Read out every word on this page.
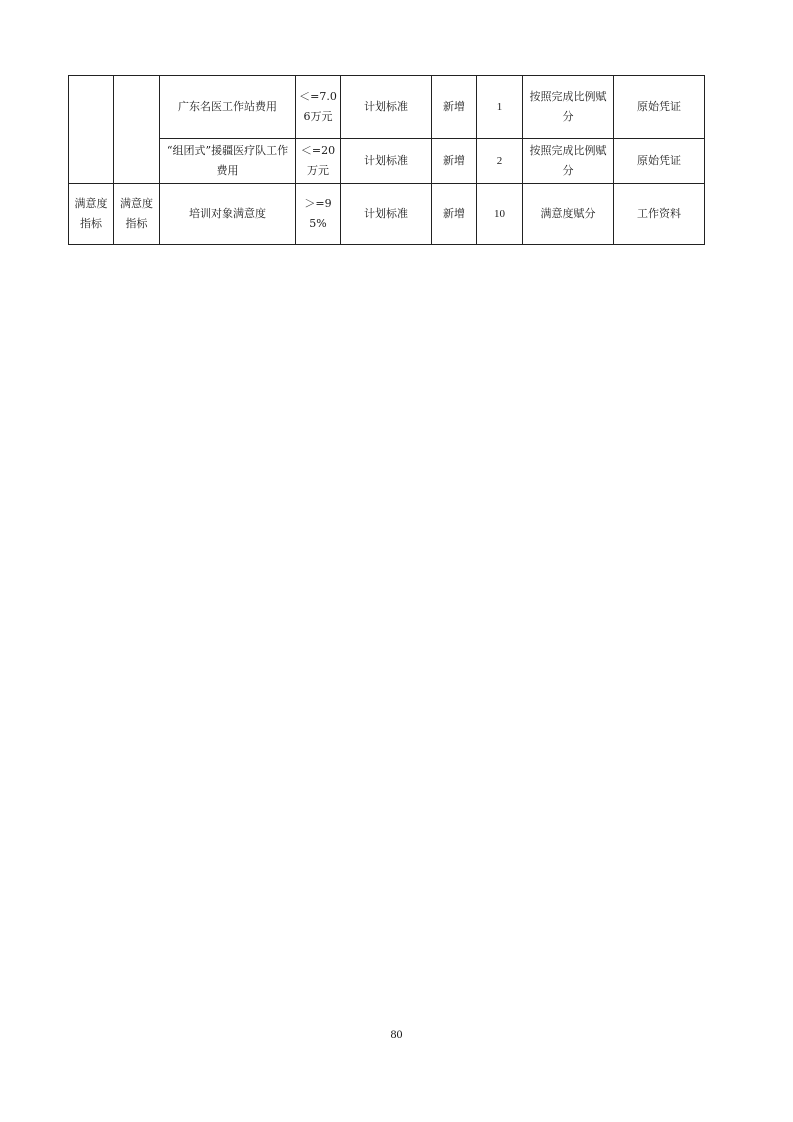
		广东名医工作站费用	＜=7.06万元	计划标准	新增	1	按照完成比例赋分	原始凭证
		“组团式”援疆医疗队工作费用	＜=20万元	计划标准	新增	2	按照完成比例赋分	原始凭证
满意度指标	满意度指标	培训对象满意度	＞=95%	计划标准	新增	10	满意度赋分	工作资料
80
